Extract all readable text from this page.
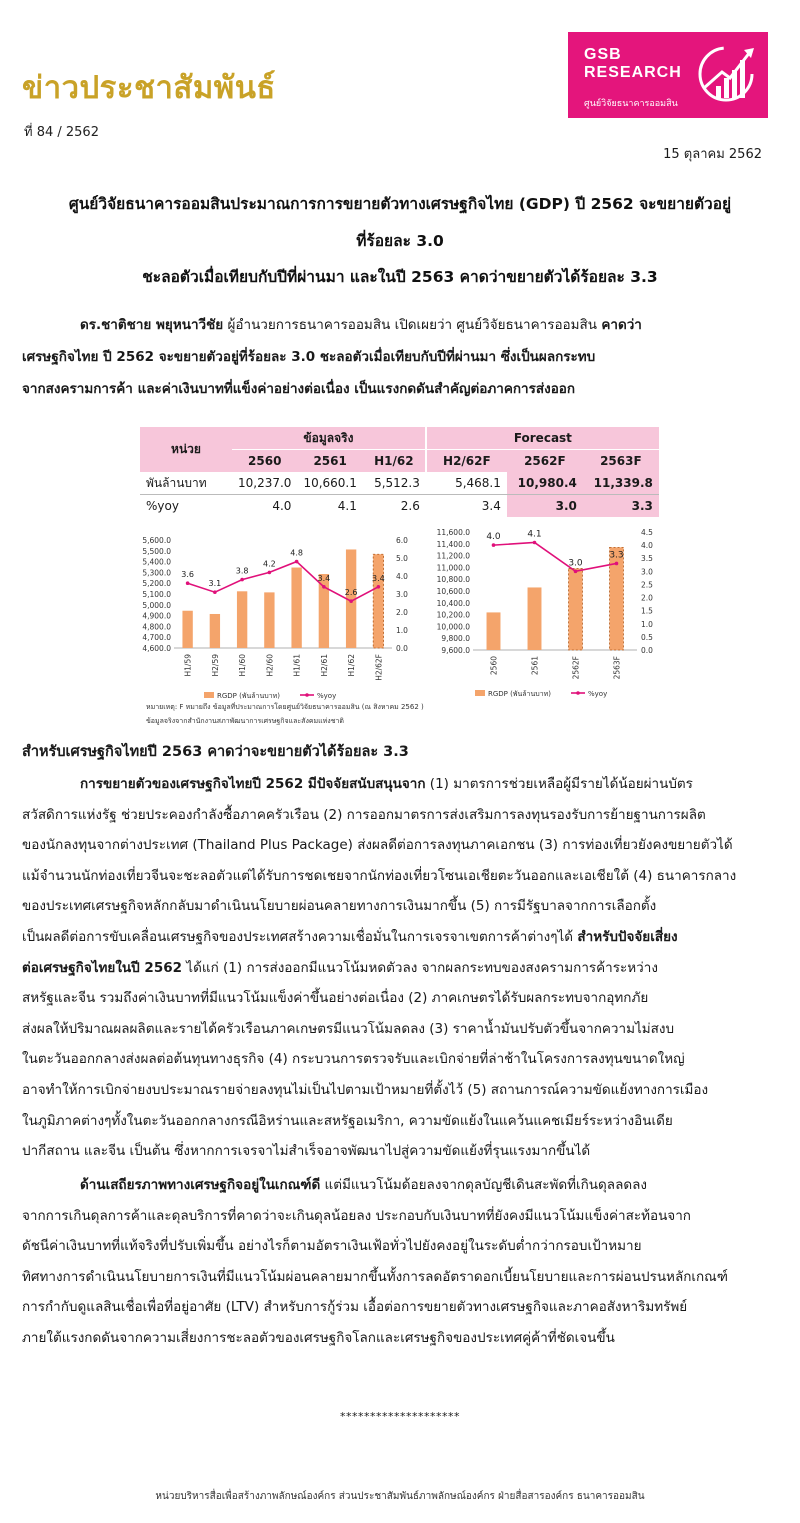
ข่าวประชาสัมพันธ์
ที่ 84 / 2562
GSB
RESEARCH
ศูนย์วิจัยธนาคารออมสิน
15 ตุลาคม 2562
ศูนย์วิจัยธนาคารออมสินประมาณการการขยายตัวทางเศรษฐกิจไทย (GDP) ปี 2562 จะขยายตัวอยู่
ที่ร้อยละ 3.0
ชะลอตัวเมื่อเทียบกับปีที่ผ่านมา และในปี 2563 คาดว่าขยายตัวได้ร้อยละ 3.3
ดร.ชาติชาย พยุหนาวีชัย ผู้อำนวยการธนาคารออมสิน เปิดเผยว่า ศูนย์วิจัยธนาคารออมสิน คาดว่า
เศรษฐกิจไทย ปี 2562 จะขยายตัวอยู่ที่ร้อยละ 3.0 ชะลอตัวเมื่อเทียบกับปีที่ผ่านมา ซึ่งเป็นผลกระทบ
จากสงครามการค้า และค่าเงินบาทที่แข็งค่าอย่างต่อเนื่อง เป็นแรงกดดันสำคัญต่อภาคการส่งออก
หน่วย	ข้อมูลจริง			Forecast		
	2560	2561	H1/62	H2/62F	2562F	2563F
พันล้านบาท	10,237.0	10,660.1	5,512.3	5,468.1	10,980.4	11,339.8
%yoy	4.0	4.1	2.6	3.4	3.0	3.3
4,600.0
4,700.0
4,800.0
4,900.0
5,000.0
5,100.0
5,200.0
5,300.0
5,400.0
5,500.0
5,600.0
0.0
1.0
2.0
3.0
4.0
5.0
6.0
H1/59 H2/59 H1/60 H2/60 H1/61 H2/61 H1/62 H2/62F
3.6
3.1
3.8
4.2
4.8
3.4
2.6
3.4
RGDP (พันล้านบาท)	%yoy
9,600.0
9,800.0
10,000.0
10,200.0
10,400.0
10,600.0
10,800.0
11,000.0
11,200.0
11,400.0
11,600.0
0.0
0.5
1.0
1.5
2.0
2.5
3.0
3.5
4.0
4.5
2560	2561	2562F	2563F
4.0	4.1
3.0
3.3
RGDP (พันล้านบาท)	%yoy
หมายเหตุ: F หมายถึง ข้อมูลที่ประมาณการโดยศูนย์วิจัยธนาคารออมสิน (ณ สิงหาคม 2562 )
ข้อมูลจริงจากสำนักงานสภาพัฒนาการเศรษฐกิจและสังคมแห่งชาติ
สำหรับเศรษฐกิจไทยปี 2563 คาดว่าจะขยายตัวได้ร้อยละ 3.3
การขยายตัวของเศรษฐกิจไทยปี 2562 มีปัจจัยสนับสนุนจาก (1) มาตรการช่วยเหลือผู้มีรายได้น้อยผ่านบัตร
สวัสดิการแห่งรัฐ ช่วยประคองกำลังซื้อภาคครัวเรือน (2) การออกมาตรการส่งเสริมการลงทุนรองรับการย้ายฐานการผลิต
ของนักลงทุนจากต่างประเทศ (Thailand Plus Package) ส่งผลดีต่อการลงทุนภาคเอกชน (3) การท่องเที่ยวยังคงขยายตัวได้
แม้จำนวนนักท่องเที่ยวจีนจะชะลอตัวแต่ได้รับการชดเชยจากนักท่องเที่ยวโซนเอเชียตะวันออกและเอเชียใต้ (4) ธนาคารกลาง
ของประเทศเศรษฐกิจหลักกลับมาดำเนินนโยบายผ่อนคลายทางการเงินมากขึ้น (5) การมีรัฐบาลจากการเลือกตั้ง
เป็นผลดีต่อการขับเคลื่อนเศรษฐกิจของประเทศสร้างความเชื่อมั่นในการเจรจาเขตการค้าต่างๆได้ สำหรับปัจจัยเสี่ยง
ต่อเศรษฐกิจไทยในปี 2562 ได้แก่ (1) การส่งออกมีแนวโน้มหดตัวลง จากผลกระทบของสงครามการค้าระหว่าง
สหรัฐและจีน รวมถึงค่าเงินบาทที่มีแนวโน้มแข็งค่าขึ้นอย่างต่อเนื่อง (2) ภาคเกษตรได้รับผลกระทบจากอุทกภัย
ส่งผลให้ปริมาณผลผลิตและรายได้ครัวเรือนภาคเกษตรมีแนวโน้มลดลง (3) ราคาน้ำมันปรับตัวขึ้นจากความไม่สงบ
ในตะวันออกกลางส่งผลต่อต้นทุนทางธุรกิจ (4) กระบวนการตรวจรับและเบิกจ่ายที่ล่าช้าในโครงการลงทุนขนาดใหญ่
อาจทำให้การเบิกจ่ายงบประมาณรายจ่ายลงทุนไม่เป็นไปตามเป้าหมายที่ตั้งไว้ (5) สถานการณ์ความขัดแย้งทางการเมือง
ในภูมิภาคต่างๆทั้งในตะวันออกกลางกรณีอิหร่านและสหรัฐอเมริกา, ความขัดแย้งในแคว้นแคชเมียร์ระหว่างอินเดีย
ปากีสถาน และจีน เป็นต้น ซึ่งหากการเจรจาไม่สำเร็จอาจพัฒนาไปสู่ความขัดแย้งที่รุนแรงมากขึ้นได้
ด้านเสถียรภาพทางเศรษฐกิจอยู่ในเกณฑ์ดี แต่มีแนวโน้มด้อยลงจากดุลบัญชีเดินสะพัดที่เกินดุลลดลง
จากการเกินดุลการค้าและดุลบริการที่คาดว่าจะเกินดุลน้อยลง ประกอบกับเงินบาทที่ยังคงมีแนวโน้มแข็งค่าสะท้อนจาก
ดัชนีค่าเงินบาทที่แท้จริงที่ปรับเพิ่มขึ้น อย่างไรก็ตามอัตราเงินเฟ้อทั่วไปยังคงอยู่ในระดับต่ำกว่ากรอบเป้าหมาย
ทิศทางการดำเนินนโยบายการเงินที่มีแนวโน้มผ่อนคลายมากขึ้นทั้งการลดอัตราดอกเบี้ยนโยบายและการผ่อนปรนหลักเกณฑ์
การกำกับดูแลสินเชื่อเพื่อที่อยู่อาศัย (LTV) สำหรับการกู้ร่วม เอื้อต่อการขยายตัวทางเศรษฐกิจและภาคอสังหาริมทรัพย์
ภายใต้แรงกดดันจากความเสี่ยงการชะลอตัวของเศรษฐกิจโลกและเศรษฐกิจของประเทศคู่ค้าที่ชัดเจนขึ้น
********************
หน่วยบริหารสื่อเพื่อสร้างภาพลักษณ์องค์กร ส่วนประชาสัมพันธ์ภาพลักษณ์องค์กร ฝ่ายสื่อสารองค์กร ธนาคารออมสิน
